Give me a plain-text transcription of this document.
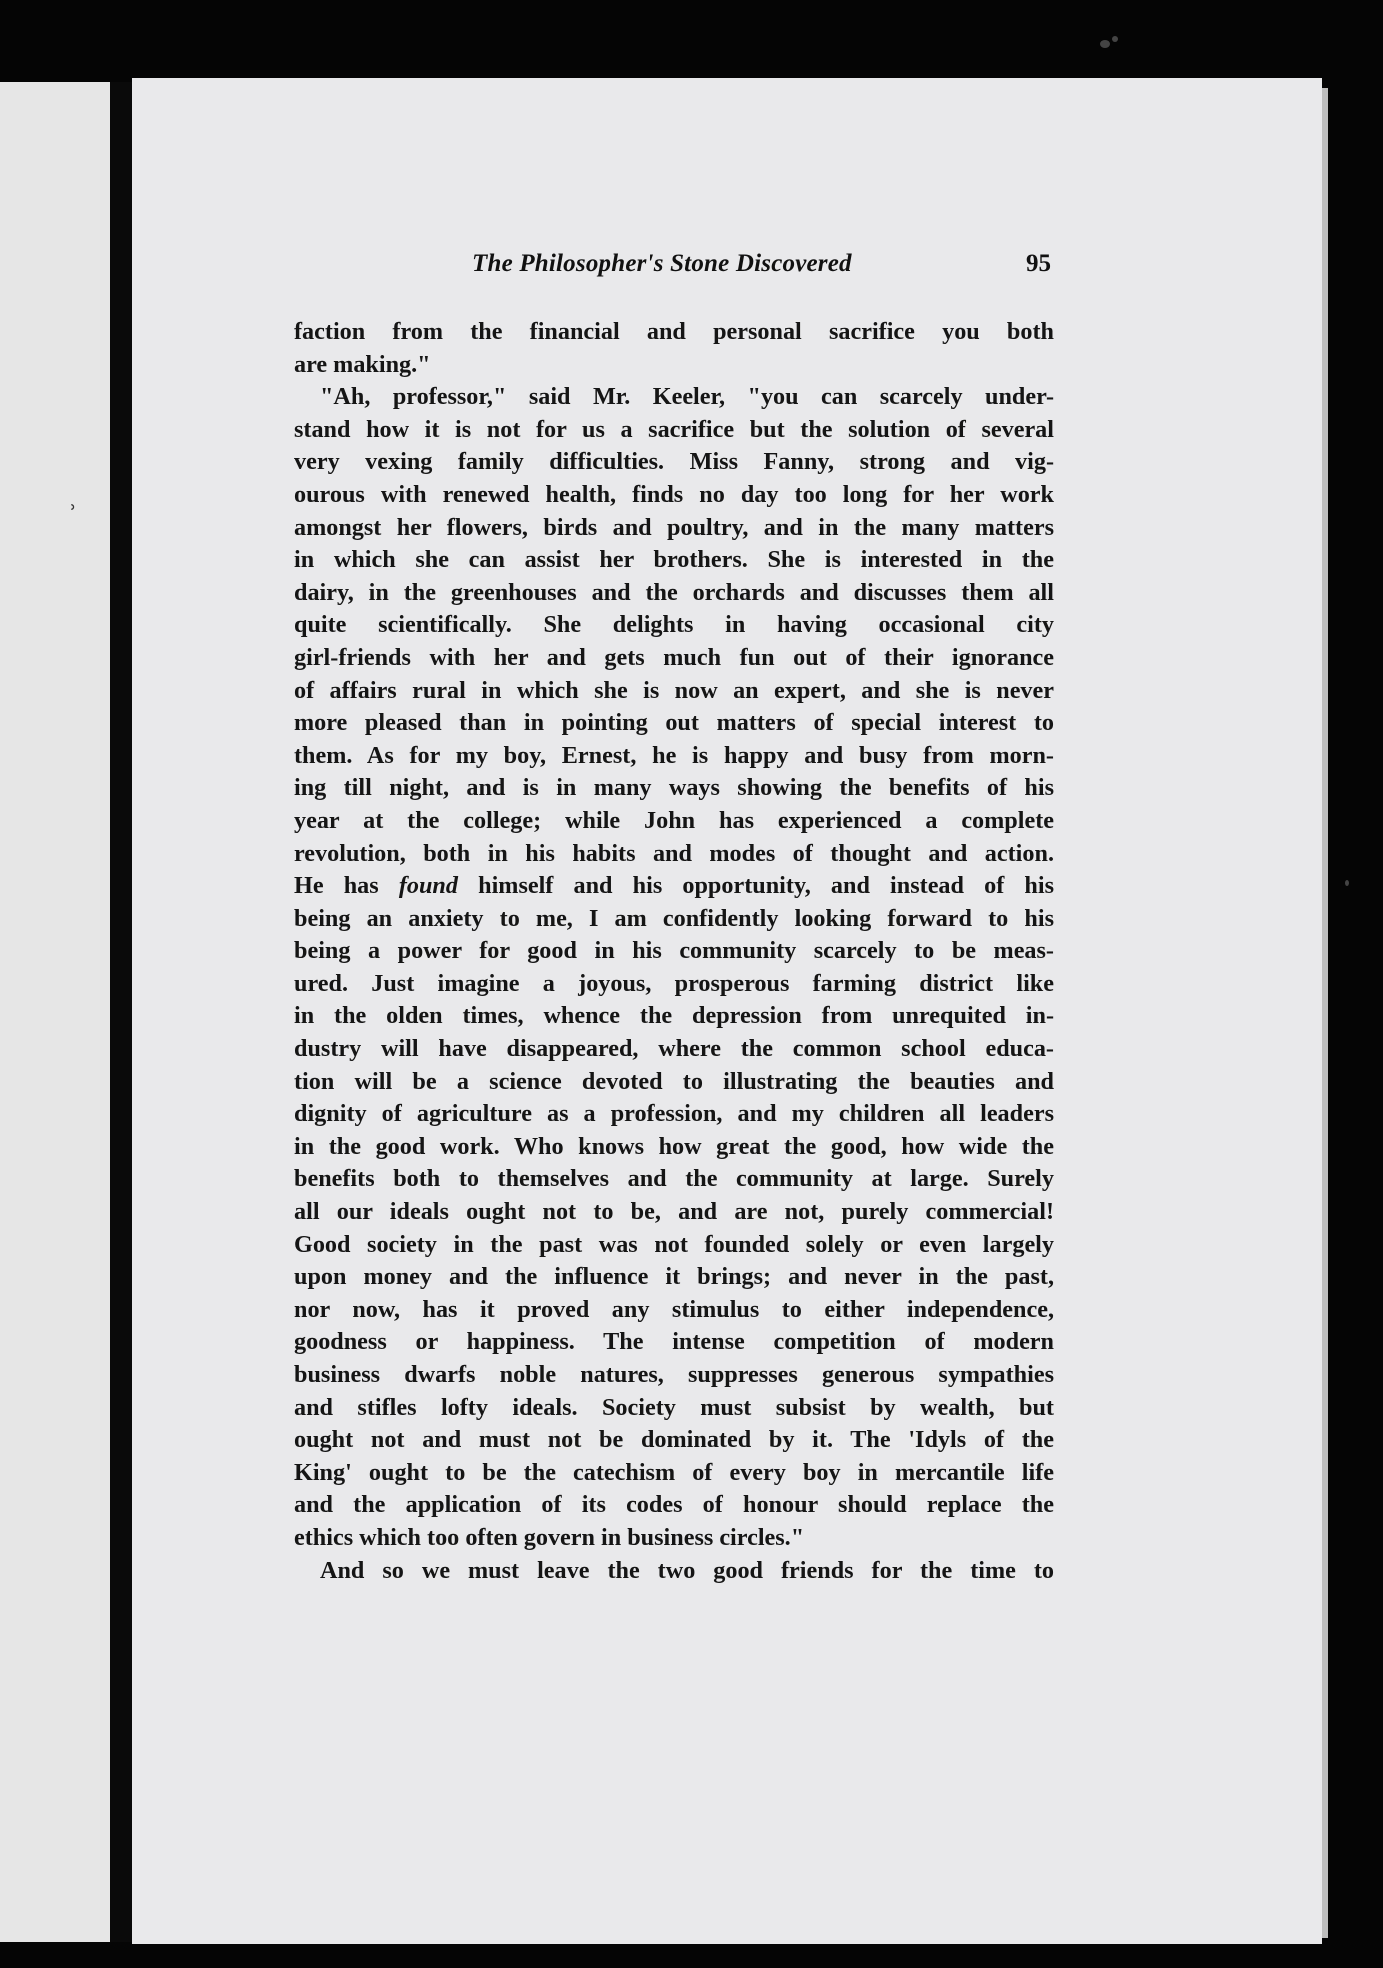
ʾ
The Philosopher's Stone Discovered	95
faction from the financial and personal sacrifice you both
are making."
"Ah, professor," said Mr. Keeler, "you can scarcely under-
stand how it is not for us a sacrifice but the solution of several
very vexing family difficulties. Miss Fanny, strong and vig-
ourous with renewed health, finds no day too long for her work
amongst her flowers, birds and poultry, and in the many matters
in which she can assist her brothers. She is interested in the
dairy, in the greenhouses and the orchards and discusses them all
quite scientifically. She delights in having occasional city
girl-friends with her and gets much fun out of their ignorance
of affairs rural in which she is now an expert, and she is never
more pleased than in pointing out matters of special interest to
them. As for my boy, Ernest, he is happy and busy from morn-
ing till night, and is in many ways showing the benefits of his
year at the college; while John has experienced a complete
revolution, both in his habits and modes of thought and action.
He has found himself and his opportunity, and instead of his
being an anxiety to me, I am confidently looking forward to his
being a power for good in his community scarcely to be meas-
ured. Just imagine a joyous, prosperous farming district like
in the olden times, whence the depression from unrequited in-
dustry will have disappeared, where the common school educa-
tion will be a science devoted to illustrating the beauties and
dignity of agriculture as a profession, and my children all leaders
in the good work. Who knows how great the good, how wide the
benefits both to themselves and the community at large. Surely
all our ideals ought not to be, and are not, purely commercial!
Good society in the past was not founded solely or even largely
upon money and the influence it brings; and never in the past,
nor now, has it proved any stimulus to either independence,
goodness or happiness. The intense competition of modern
business dwarfs noble natures, suppresses generous sympathies
and stifles lofty ideals. Society must subsist by wealth, but
ought not and must not be dominated by it. The 'Idyls of the
King' ought to be the catechism of every boy in mercantile life
and the application of its codes of honour should replace the
ethics which too often govern in business circles."
And so we must leave the two good friends for the time to
